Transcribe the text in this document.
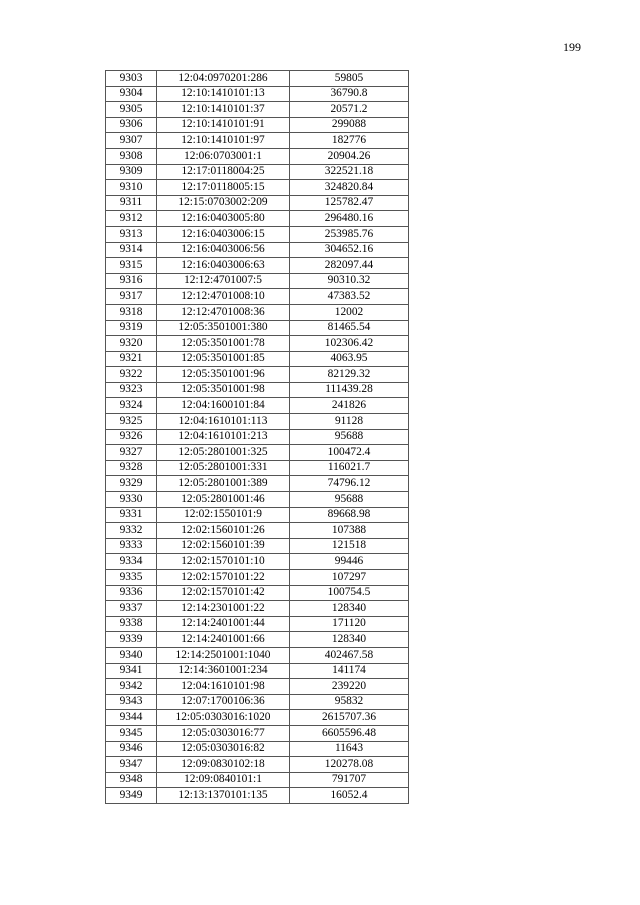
199
9303	12:04:0970201:286	59805
9304	12:10:1410101:13	36790.8
9305	12:10:1410101:37	20571.2
9306	12:10:1410101:91	299088
9307	12:10:1410101:97	182776
9308	12:06:0703001:1	20904.26
9309	12:17:0118004:25	322521.18
9310	12:17:0118005:15	324820.84
9311	12:15:0703002:209	125782.47
9312	12:16:0403005:80	296480.16
9313	12:16:0403006:15	253985.76
9314	12:16:0403006:56	304652.16
9315	12:16:0403006:63	282097.44
9316	12:12:4701007:5	90310.32
9317	12:12:4701008:10	47383.52
9318	12:12:4701008:36	12002
9319	12:05:3501001:380	81465.54
9320	12:05:3501001:78	102306.42
9321	12:05:3501001:85	4063.95
9322	12:05:3501001:96	82129.32
9323	12:05:3501001:98	111439.28
9324	12:04:1600101:84	241826
9325	12:04:1610101:113	91128
9326	12:04:1610101:213	95688
9327	12:05:2801001:325	100472.4
9328	12:05:2801001:331	116021.7
9329	12:05:2801001:389	74796.12
9330	12:05:2801001:46	95688
9331	12:02:1550101:9	89668.98
9332	12:02:1560101:26	107388
9333	12:02:1560101:39	121518
9334	12:02:1570101:10	99446
9335	12:02:1570101:22	107297
9336	12:02:1570101:42	100754.5
9337	12:14:2301001:22	128340
9338	12:14:2401001:44	171120
9339	12:14:2401001:66	128340
9340	12:14:2501001:1040	402467.58
9341	12:14:3601001:234	141174
9342	12:04:1610101:98	239220
9343	12:07:1700106:36	95832
9344	12:05:0303016:1020	2615707.36
9345	12:05:0303016:77	6605596.48
9346	12:05:0303016:82	11643
9347	12:09:0830102:18	120278.08
9348	12:09:0840101:1	791707
9349	12:13:1370101:135	16052.4
